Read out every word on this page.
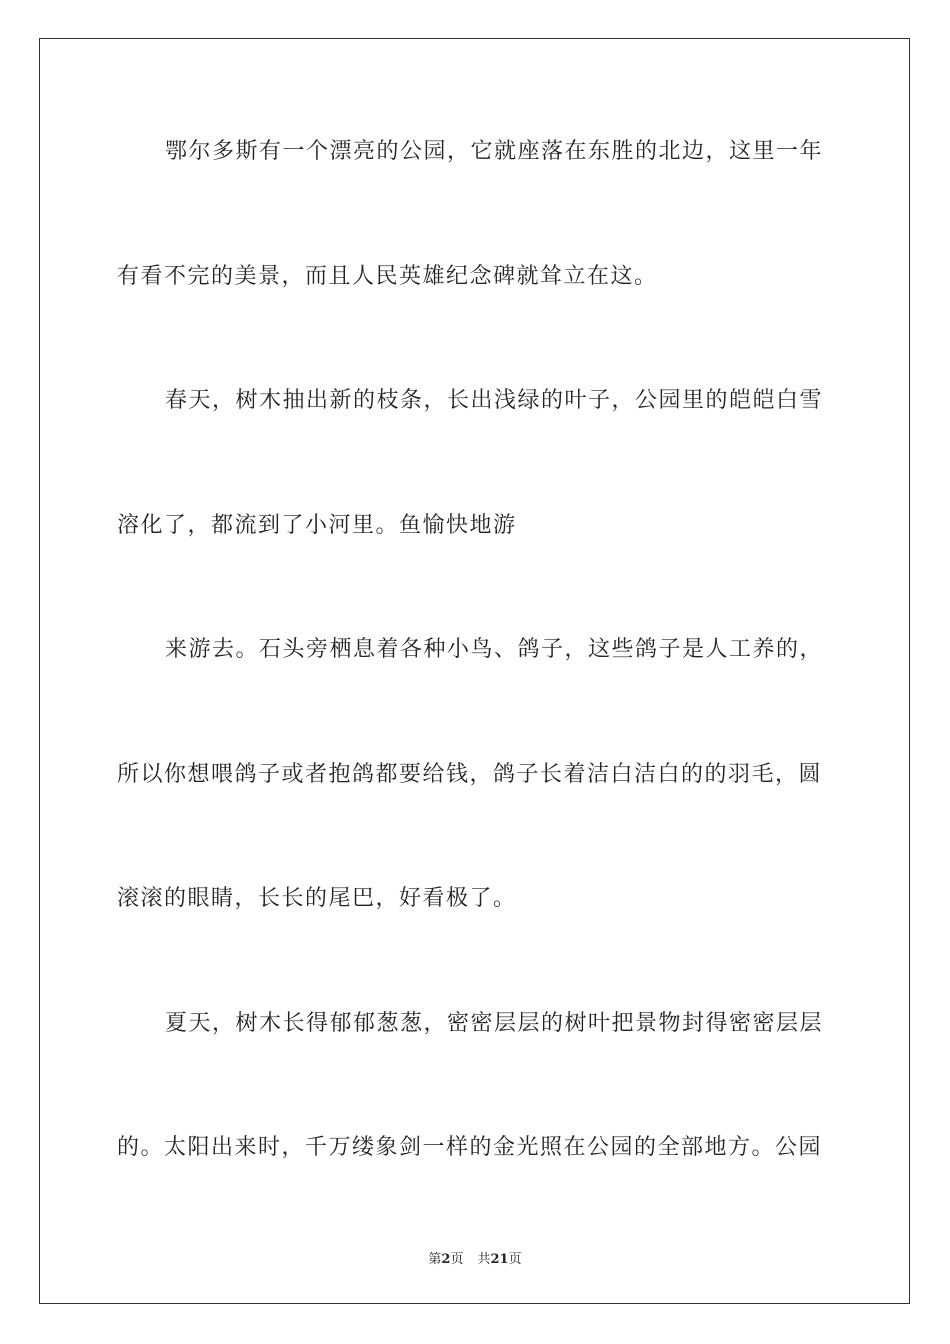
鄂尔多斯有一个漂亮的公园，它就座落在东胜的北边，这里一年
有看不完的美景，而且人民英雄纪念碑就耸立在这。
春天，树木抽出新的枝条，长出浅绿的叶子，公园里的皑皑白雪
溶化了，都流到了小河里。鱼愉快地游
来游去。石头旁栖息着各种小鸟、鸽子，这些鸽子是人工养的，
所以你想喂鸽子或者抱鸽都要给钱，鸽子长着洁白洁白的的羽毛，圆
滚滚的眼睛，长长的尾巴，好看极了。
夏天，树木长得郁郁葱葱，密密层层的树叶把景物封得密密层层
的。太阳出来时，千万缕象剑一样的金光照在公园的全部地方。公园
第2页 共21页
